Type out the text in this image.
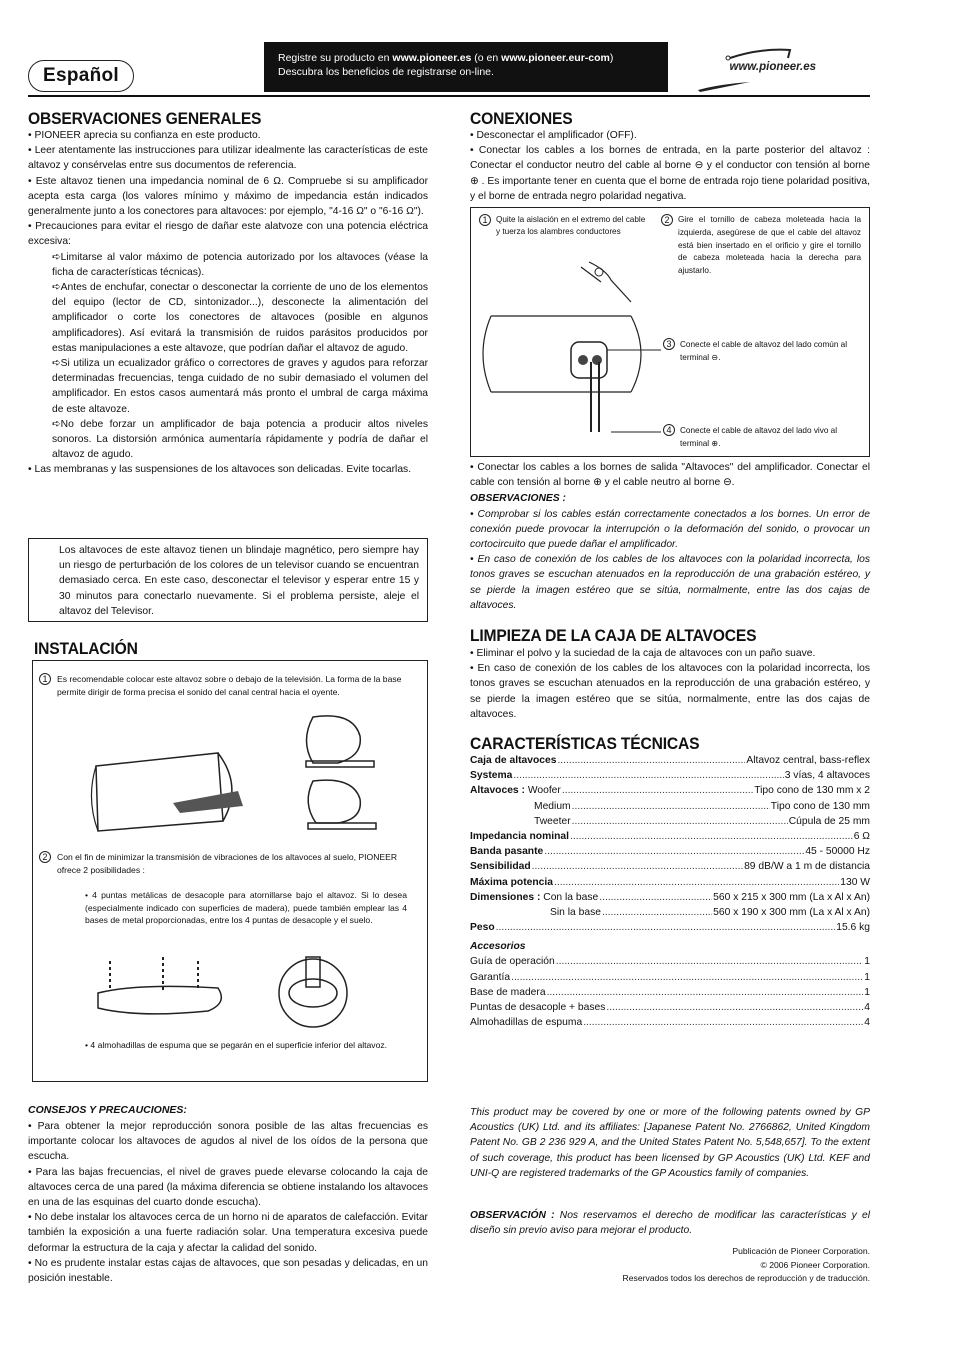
Español
Registre su producto en www.pioneer.es (o en www.pioneer.eur-com)
Descubra los beneficios de registrarse on-line.	www.pioneer.es
OBSERVACIONES GENERALES

• PIONEER aprecia su confianza en este producto.

• Leer atentamente las instrucciones para utilizar idealmente las características de este altavoz y consérvelas entre sus documentos de referencia.

• Este altavoz tienen una impedancia nominal de 6 Ω. Compruebe si su amplificador acepta esta carga (los valores mínimo y máximo de impedancia están indicados generalmente junto a los conectores para altavoces: por ejemplo, "4-16 Ω" o "6-16 Ω").

• Precauciones para evitar el riesgo de dañar este alatvoze con una potencia eléctrica excesiva:

➪Limitarse al valor máximo de potencia autorizado por los altavoces (véase la ficha de características técnicas).

➪Antes de enchufar, conectar o desconectar la corriente de uno de los elementos del equipo (lector de CD, sintonizador...), desconecte la alimentación del amplificador o corte los conectores de altavoces (posible en algunos amplificadores). Así evitará la transmisión de ruidos parásitos producidos por estas manipulaciones a este altavoze, que podrían dañar el altavoz de agudo.

➪Si utiliza un ecualizador gráfico o correctores de graves y agudos para reforzar determinadas frecuencias, tenga cuidado de no subir demasiado el volumen del amplificador. En estos casos aumentará más pronto el umbral de carga máxima de este altavoze.

➪No debe forzar un amplificador de baja potencia a producir altos niveles sonoros. La distorsión armónica aumentaría rápidamente y podría de dañar el altavoz de agudo.

• Las membranas y las suspensiones de los altavoces son delicadas. Evite tocarlas.

Los altavoces de este altavoz tienen un blindaje magnético, pero siempre hay un riesgo de perturbación de los colores de un televisor cuando se encuentran demasiado cerca. En este caso, desconectar el televisor y esperar entre 15 y 30 minutos para conectarlo nuevamente. Si el problema persiste, aleje el altavoz del Televisor.
INSTALACIÓN
1	Es recomendable colocar este altavoz sobre o debajo de la televisión. La forma de la base permite dirigir de forma precisa el sonido del canal central hacia el oyente.
2	Con el fin de minimizar la transmisión de vibraciones de los altavoces al suelo, PIONEER ofrece 2 posibilidades :
• 4 puntas metálicas de desacople para atornillarse bajo el altavoz. Si lo desea (especialmente indicado con superficies de madera), puede también emplear las 4 bases de metal proporcionadas, entre los 4 puntas de desacople y el suelo.
• 4 almohadillas de espuma que se pegarán en el superficie inferior del altavoz.
CONSEJOS Y PRECAUCIONES:

• Para obtener la mejor reproducción sonora posible de las altas frecuencias es importante colocar los altavoces de agudos al nivel de los oídos de la persona que escucha.

• Para las bajas frecuencias, el nivel de graves puede elevarse colocando la caja de altavoces cerca de una pared (la máxima diferencia se obtiene instalando los altavoces en una de las esquinas del cuarto donde escucha).

• No debe instalar los altavoces cerca de un horno ni de aparatos de calefacción. Evitar también la exposición a una fuerte radiación solar. Una temperatura excesiva puede deformar la estructura de la caja y afectar la calidad del sonido.

• No es prudente instalar estas cajas de altavoces, que son pesadas y delicadas, en un posición inestable.

CONEXIONES

• Desconectar el amplificador (OFF).

• Conectar los cables a los bornes de entrada, en la parte posterior del altavoz : Conectar el conductor neutro del cable al borne ⊖ y el conductor con tensión al borne ⊕ . Es importante tener en cuenta que el borne de entrada rojo tiene polaridad positiva, y el borne de entrada negro polaridad negativa.

1	Quite la aislación en el extremo del cable y tuerza los alambres conductores
2	Gire el tornillo de cabeza moleteada hacia la izquierda, asegúrese de que el cable del altavoz está bien insertado en el orificio y gire el tornillo de cabeza moleteada hacia la derecha para ajustarlo.
3	Conecte el cable de altavoz del lado común al terminal ⊖.
4	Conecte el cable de altavoz del lado vivo al terminal ⊕.

• Conectar los cables a los bornes de salida "Altavoces" del amplificador. Conectar el cable con tensión al borne ⊕ y el cable neutro al borne ⊖.

OBSERVACIONES :

• Comprobar si los cables están correctamente conectados a los bornes. Un error de conexión puede provocar la interrupción o la deformación del sonido, o provocar un cortocircuito que puede dañar el amplificador.

• En caso de conexión de los cables de los altavoces con la polaridad incorrecta, los tonos graves se escuchan atenuados en la reproducción de una grabación estéreo, y se pierde la imagen estéreo que se sitúa, normalmente, entre las dos cajas de altavoces.

LIMPIEZA DE LA CAJA DE ALTAVOCES

• Eliminar el polvo y la suciedad de la caja de altavoces con un paño suave.

• En caso de conexión de los cables de los altavoces con la polaridad incorrecta, los tonos graves se escuchan atenuados en la reproducción de una grabación estéreo, y se pierde la imagen estéreo que se sitúa, normalmente, entre las dos cajas de altavoces.

CARACTERÍSTICAS TÉCNICAS
Caja de altavoces .....	Altavoz central, bass-reflex
Systema .....	3 vías, 4 altavoces
Altavoces :
Woofer .....	Tipo cono de 130 mm x 2
Medium .....	Tipo cono de 130 mm
Tweeter .....	Cúpula de 25 mm
Impedancia nominal .....	6 Ω
Banda pasante .....	45 - 50000 Hz
Sensibilidad .....	89 dB/W a 1 m de distancia
Máxima potencia .....	130 W
Dimensiones :
Con la base .....	560 x 215 x 300 mm (La x Al x An)
Sin la base .....	560 x 190 x 300 mm (La x Al x An)
Peso .....	15.6 kg
Accesorios
Guía de operación .....	1
Garantía .....	1
Base de madera .....	1
Puntas de desacople + bases .....	4
Almohadillas de espuma .....	4
This product may be covered by one or more of the following patents owned by GP Acoustics (UK) Ltd. and its affiliates: [Japanese Patent No. 2766862, United Kingdom Patent No. GB 2 236 929 A, and the United States Patent No. 5,548,657]. To the extent of such coverage, this product has been licensed by GP Acoustics (UK) Ltd. KEF and UNI-Q are registered trademarks of the GP Acoustics family of companies.
OBSERVACIÓN : Nos reservamos el derecho de modificar las características y el diseño sin previo aviso para mejorar el producto.
Publicación de Pioneer Corporation.
© 2006 Pioneer Corporation.
Reservados todos los derechos de reproducción y de traducción.
